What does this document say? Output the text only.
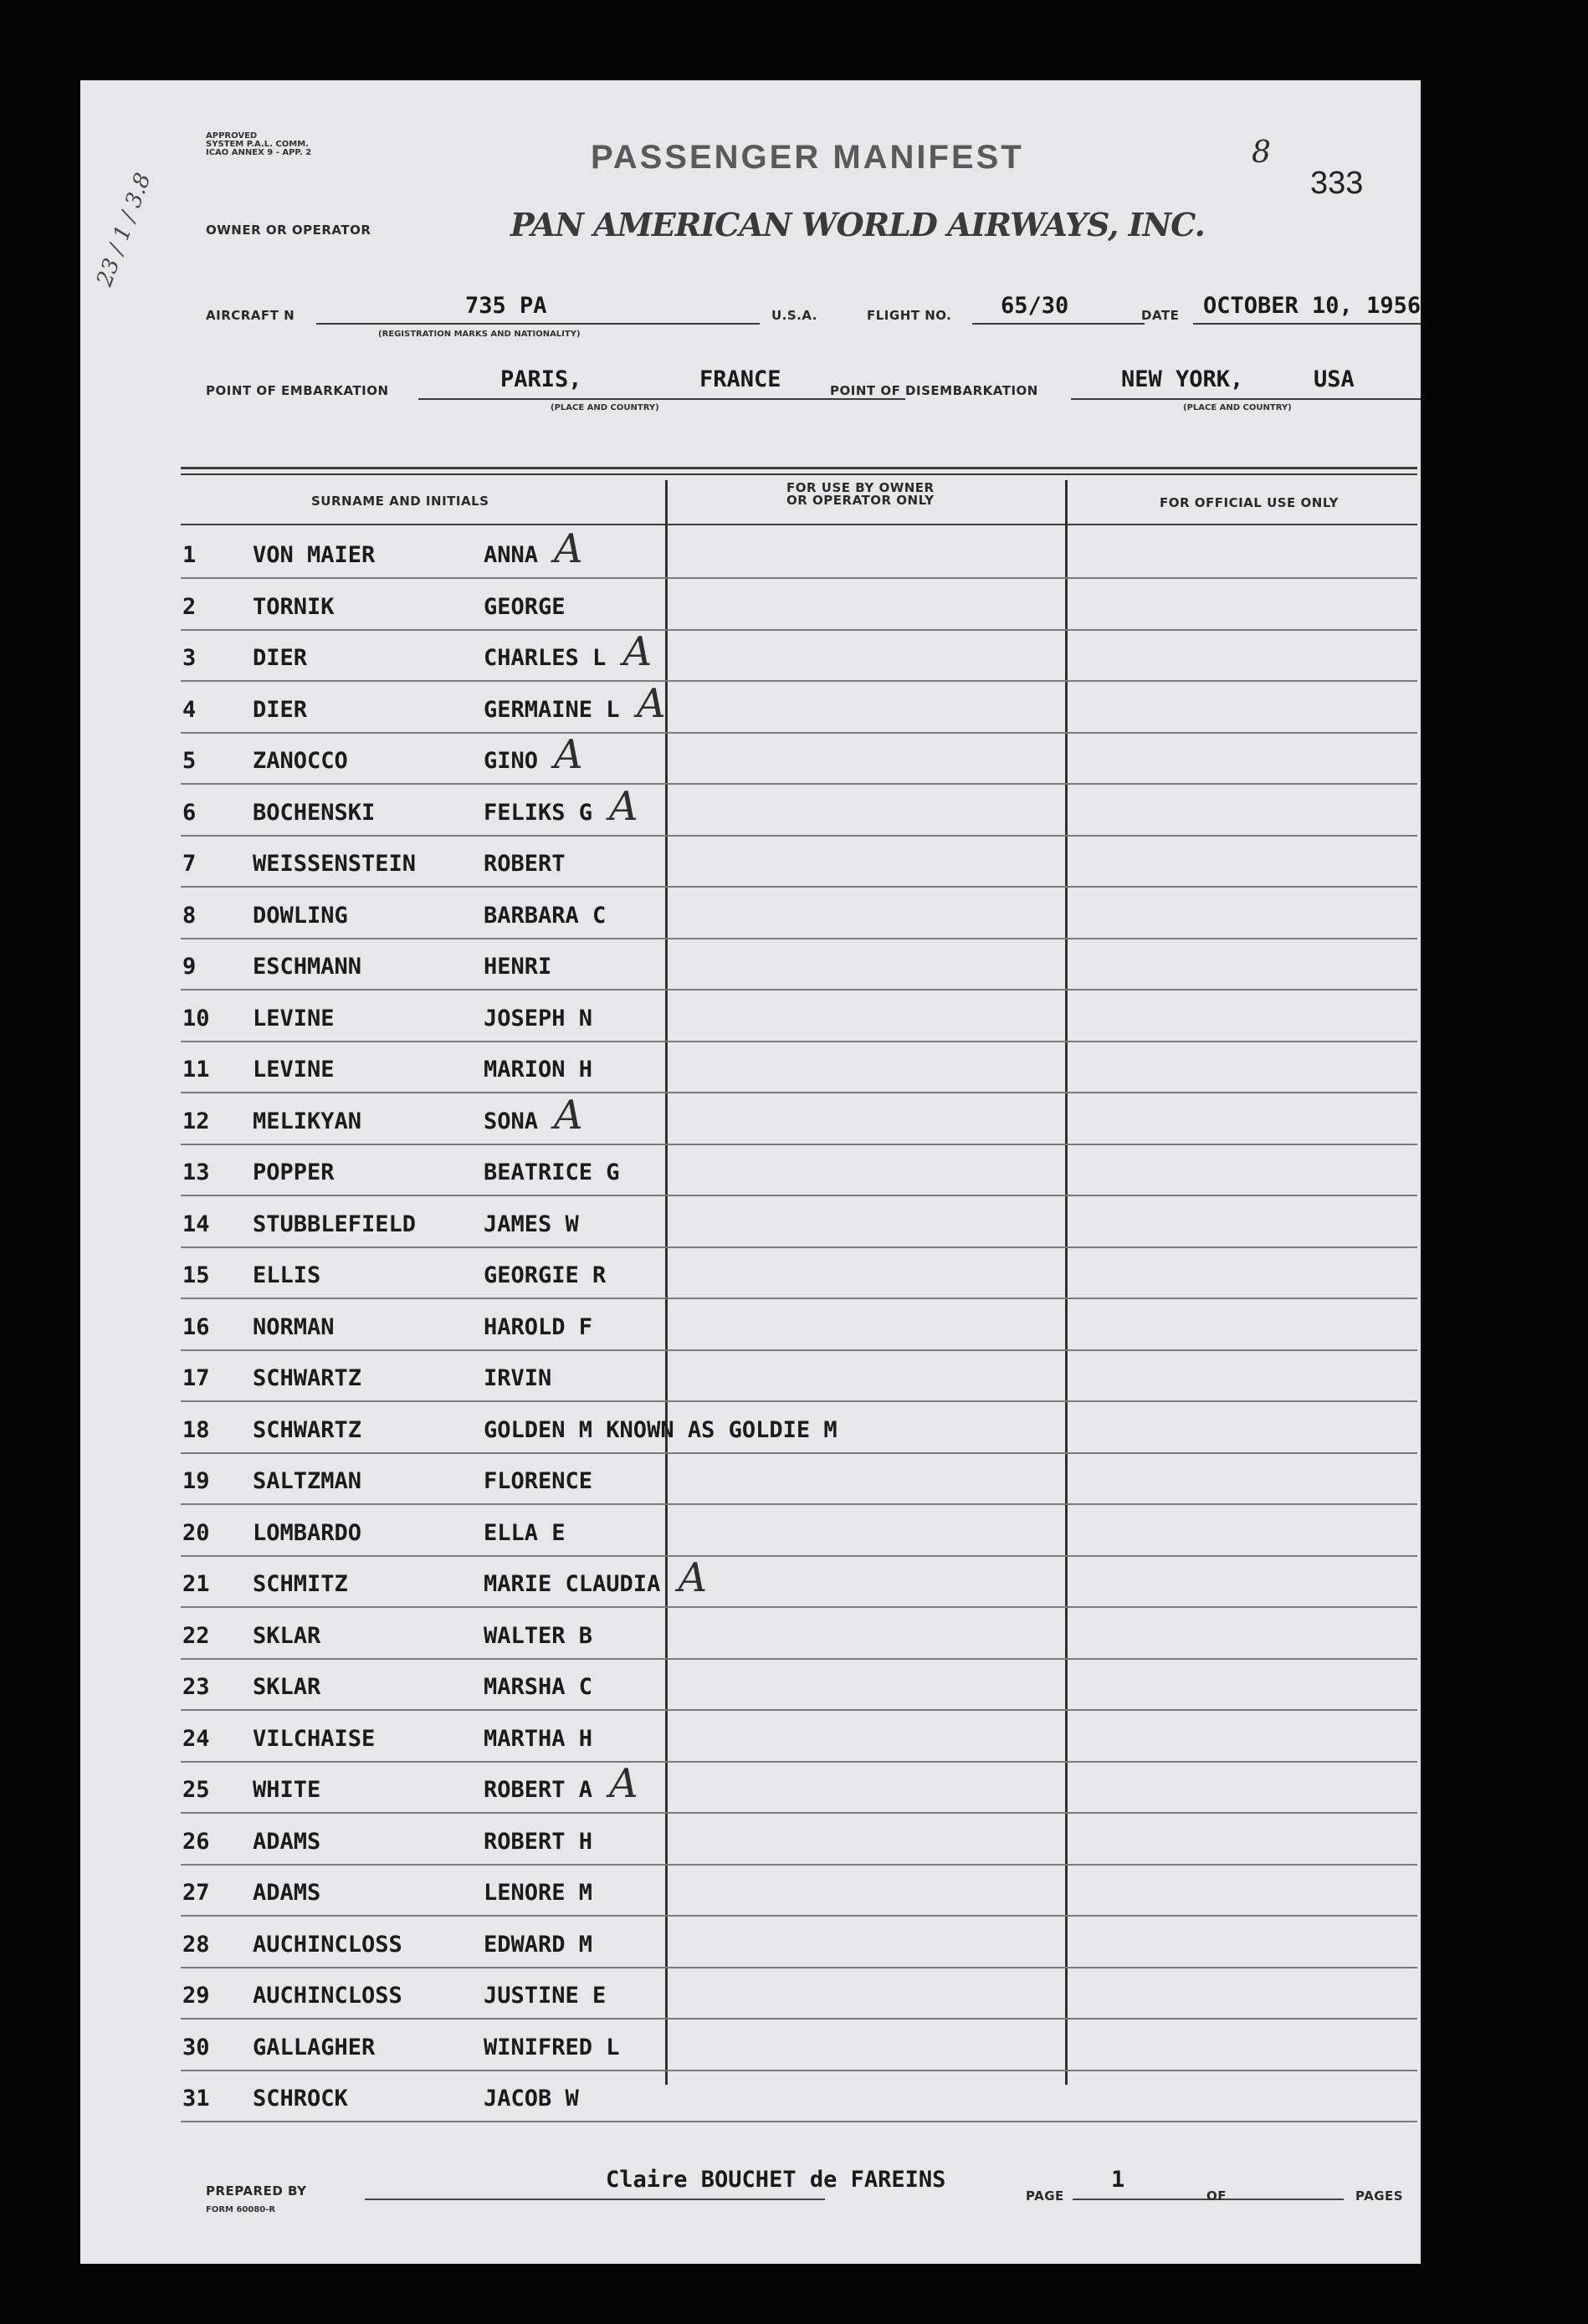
APPROVED
SYSTEM P.A.L. COMM.
ICAO ANNEX 9 - APP. 2	PASSENGER MANIFEST	8
333
OWNER OR OPERATOR	PAN AMERICAN WORLD AIRWAYS, INC.
23 / 1 / 3.8
AIRCRAFT N	735 PA
(REGISTRATION MARKS AND NATIONALITY)
U.S.A.	FLIGHT NO. 65/30	DATE OCTOBER 10, 1956
POINT OF EMBARKATION	PARIS,	FRANCE
(PLACE AND COUNTRY)
POINT OF DISEMBARKATION	NEW YORK,	USA
(PLACE AND COUNTRY)
SURNAME AND INITIALS
FOR USE BY OWNER
OR OPERATOR ONLY	FOR OFFICIAL USE ONLY
1	VON MAIER	ANNA A
2	TORNIK	GEORGE
3	DIER	CHARLES L A
4	DIER	GERMAINE L A
5	ZANOCCO	GINO A
6	BOCHENSKI	FELIKS G A
7	WEISSENSTEIN	ROBERT
8	DOWLING	BARBARA C
9	ESCHMANN	HENRI
10 LEVINE	JOSEPH N
11 LEVINE	MARION H
12 MELIKYAN	SONA A
13 POPPER	BEATRICE G
14 STUBBLEFIELD	JAMES W
15 ELLIS	GEORGIE R
16 NORMAN	HAROLD F
17 SCHWARTZ	IRVIN
18 SCHWARTZ	GOLDEN M KNOWN AS GOLDIE M
19 SALTZMAN	FLORENCE
20 LOMBARDO	ELLA E
21 SCHMITZ	MARIE CLAUDIA A
22 SKLAR	WALTER B
23 SKLAR	MARSHA C
24 VILCHAISE	MARTHA H
25 WHITE	ROBERT A A
26 ADAMS	ROBERT H
27 ADAMS	LENORE M
28 AUCHINCLOSS	EDWARD M
29 AUCHINCLOSS	JUSTINE E
30 GALLAGHER	WINIFRED L
31 SCHROCK	JACOB W
PREPARED BY
FORM 60080-R
Claire BOUCHET de FAREINS
PAGE
1
OF	PAGES
